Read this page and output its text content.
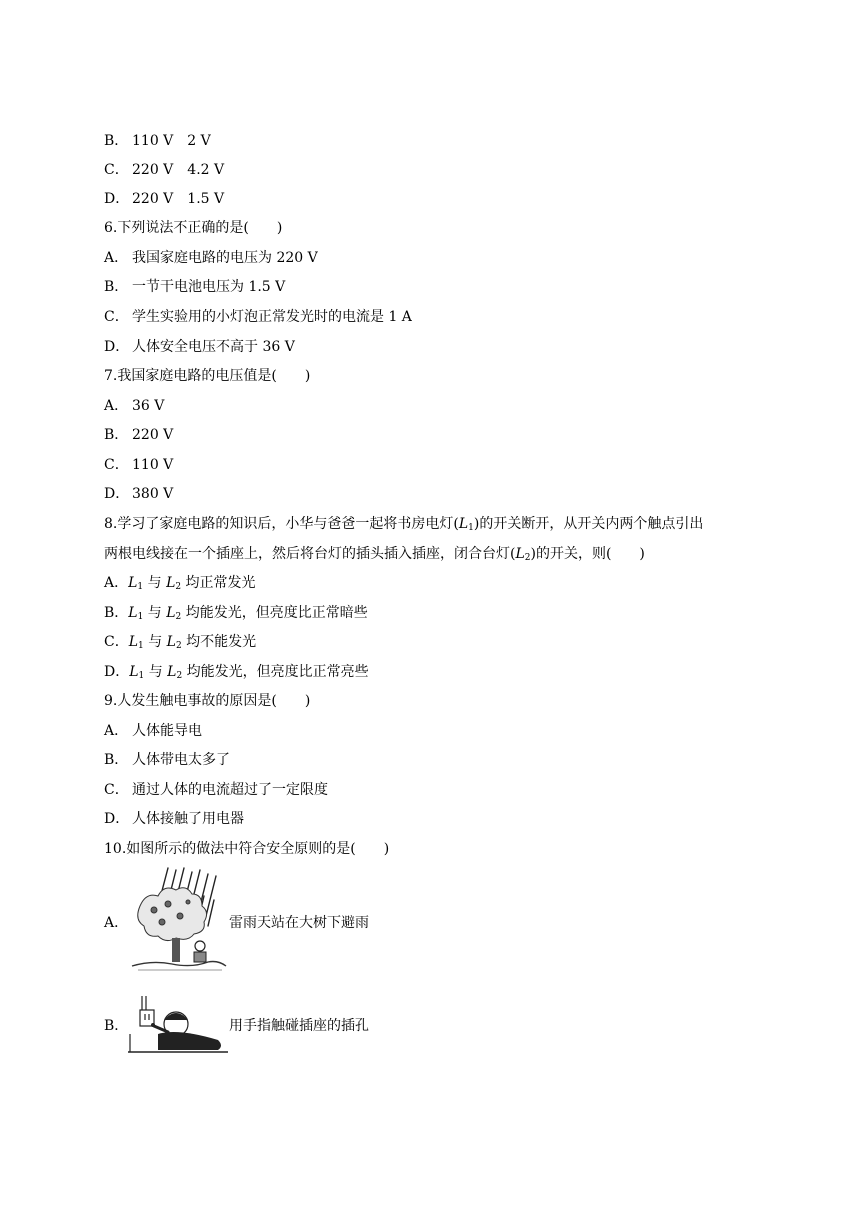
B． 110 V　2 V
C． 220 V　4.2 V
D． 220 V　1.5 V
6.下列说法不正确的是(　　)
A． 我国家庭电路的电压为 220 V
B． 一节干电池电压为 1.5 V
C． 学生实验用的小灯泡正常发光时的电流是 1 A
D． 人体安全电压不高于 36 V
7.我国家庭电路的电压值是(　　)
A． 36 V
B． 220 V
C． 110 V
D． 380 V
8.学习了家庭电路的知识后，小华与爸爸一起将书房电灯$(L_1)$的开关断开，从开关内两个触点引出
两根电线接在一个插座上，然后将台灯的插头插入插座，闭合台灯$(L_2)$的开关，则(　　)
A．$L_1$ 与 $L_2$ 均正常发光
B．$L_1$ 与 $L_2$ 均能发光，但亮度比正常暗些
C．$L_1$ 与 $L_2$ 均不能发光
D．$L_1$ 与 $L_2$ 均能发光，但亮度比正常亮些
9.人发生触电事故的原因是(　　)
A． 人体能导电
B． 人体带电太多了
C． 通过人体的电流超过了一定限度
D． 人体接触了用电器
10.如图所示的做法中符合安全原则的是(　　)
A．	雷雨天站在大树下避雨
B．	用手指触碰插座的插孔
